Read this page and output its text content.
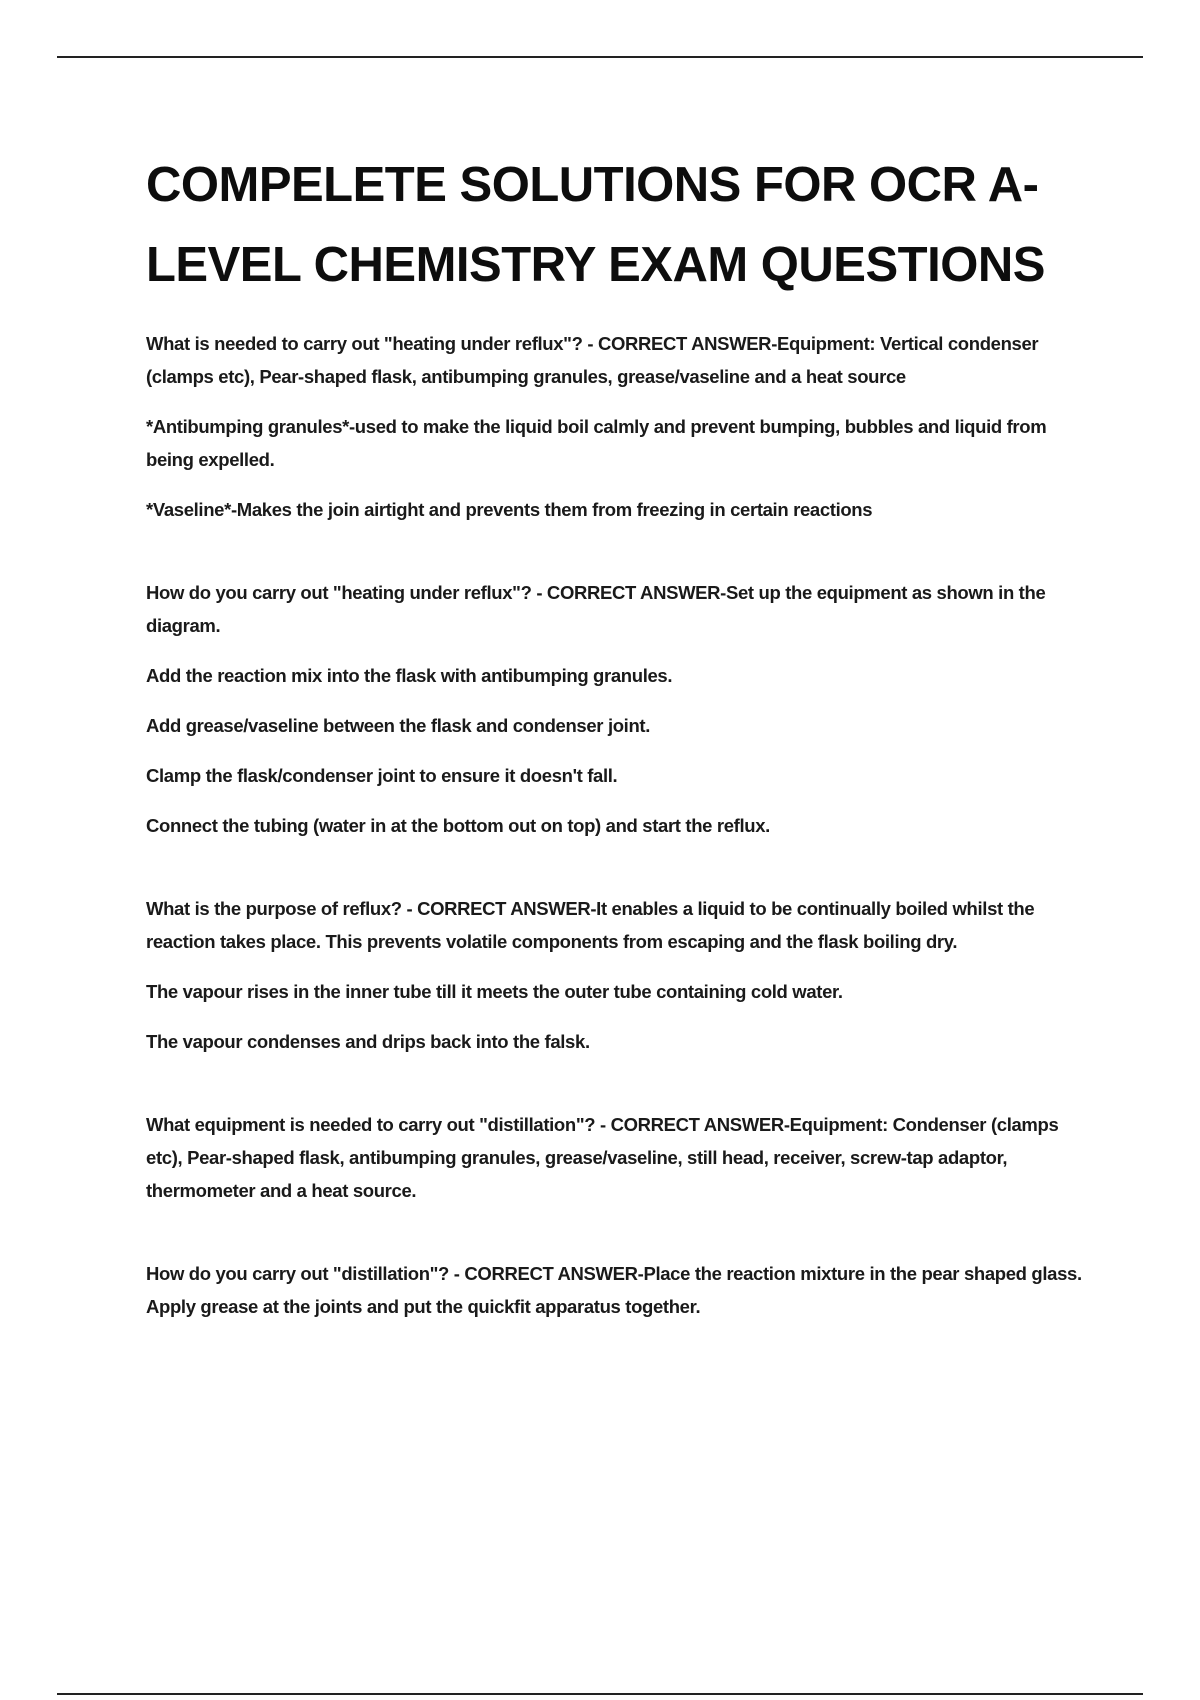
COMPELETE SOLUTIONS FOR OCR A-LEVEL CHEMISTRY EXAM QUESTIONS

What is needed to carry out "heating under reflux"? - CORRECT ANSWER-Equipment: Vertical condenser (clamps etc), Pear-shaped flask, antibumping granules, grease/vaseline and a heat source

*Antibumping granules*-used to make the liquid boil calmly and prevent bumping, bubbles and liquid from being expelled.

*Vaseline*-Makes the join airtight and prevents them from freezing in certain reactions

How do you carry out "heating under reflux"? - CORRECT ANSWER-Set up the equipment as shown in the diagram.

Add the reaction mix into the flask with antibumping granules.

Add grease/vaseline between the flask and condenser joint.

Clamp the flask/condenser joint to ensure it doesn't fall.

Connect the tubing (water in at the bottom out on top) and start the reflux.

What is the purpose of reflux? - CORRECT ANSWER-It enables a liquid to be continually boiled whilst the reaction takes place. This prevents volatile components from escaping and the flask boiling dry.

The vapour rises in the inner tube till it meets the outer tube containing cold water.

The vapour condenses and drips back into the falsk.

What equipment is needed to carry out "distillation"? - CORRECT ANSWER-Equipment: Condenser (clamps etc), Pear-shaped flask, antibumping granules, grease/vaseline, still head, receiver, screw-tap adaptor, thermometer and a heat source.

How do you carry out "distillation"? - CORRECT ANSWER-Place the reaction mixture in the pear shaped glass. Apply grease at the joints and put the quickfit apparatus together.
